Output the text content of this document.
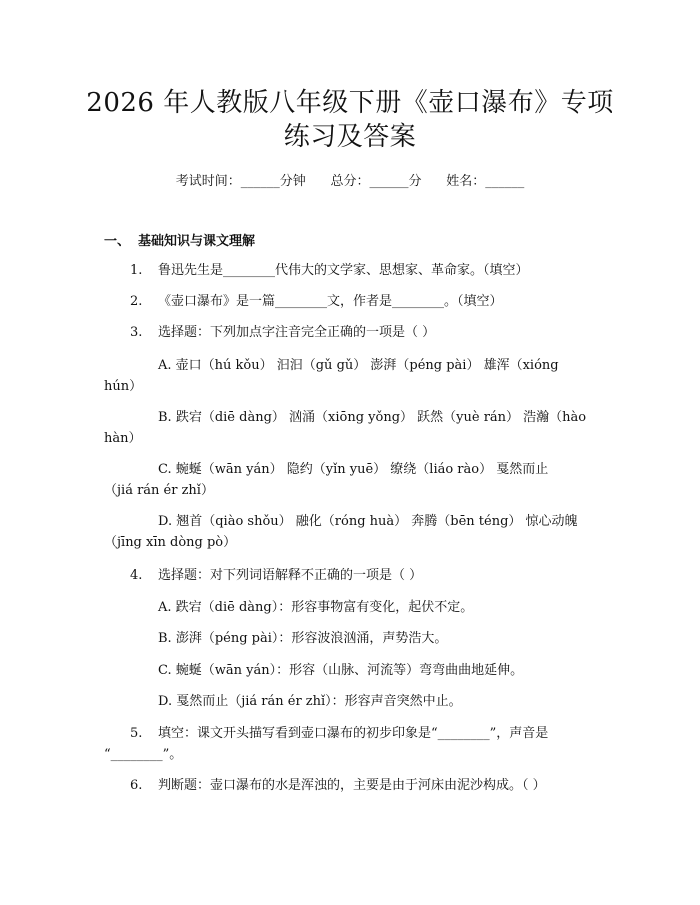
2026 年人教版八年级下册《壶口瀑布》专项
练习及答案
考试时间：______分钟      总分：______分      姓名：______
一、 基础知识与课文理解
1. 鲁迅先生是________代伟大的文学家、思想家、革命家。（填空）
2. 《壶口瀑布》是一篇________文，作者是________。（填空）
3. 选择题：下列加点字注音完全正确的一项是（ ）
A. 壶口（hú kǒu） 汩汩（gǔ gǔ） 澎湃（péng pài） 雄浑（xióng
hún）
B. 跌宕（diē dàng） 汹涌（xiōng yǒng） 跃然（yuè rán） 浩瀚（hào
hàn）
C. 蜿蜒（wān yán） 隐约（yǐn yuē） 缭绕（liáo rào） 戛然而止
（jiá rán ér zhǐ）
D. 翘首（qiào shǒu） 融化（róng huà） 奔腾（bēn téng） 惊心动魄
（jīng xīn dòng pò）
4. 选择题：对下列词语解释不正确的一项是（ ）
A. 跌宕（diē dàng）：形容事物富有变化，起伏不定。
B. 澎湃（péng pài）：形容波浪汹涌，声势浩大。
C. 蜿蜒（wān yán）：形容（山脉、河流等）弯弯曲曲地延伸。
D. 戛然而止（jiá rán ér zhǐ）：形容声音突然中止。
5. 填空：课文开头描写看到壶口瀑布的初步印象是“________”，声音是
“________”。
6. 判断题：壶口瀑布的水是浑浊的，主要是由于河床由泥沙构成。（ ）
